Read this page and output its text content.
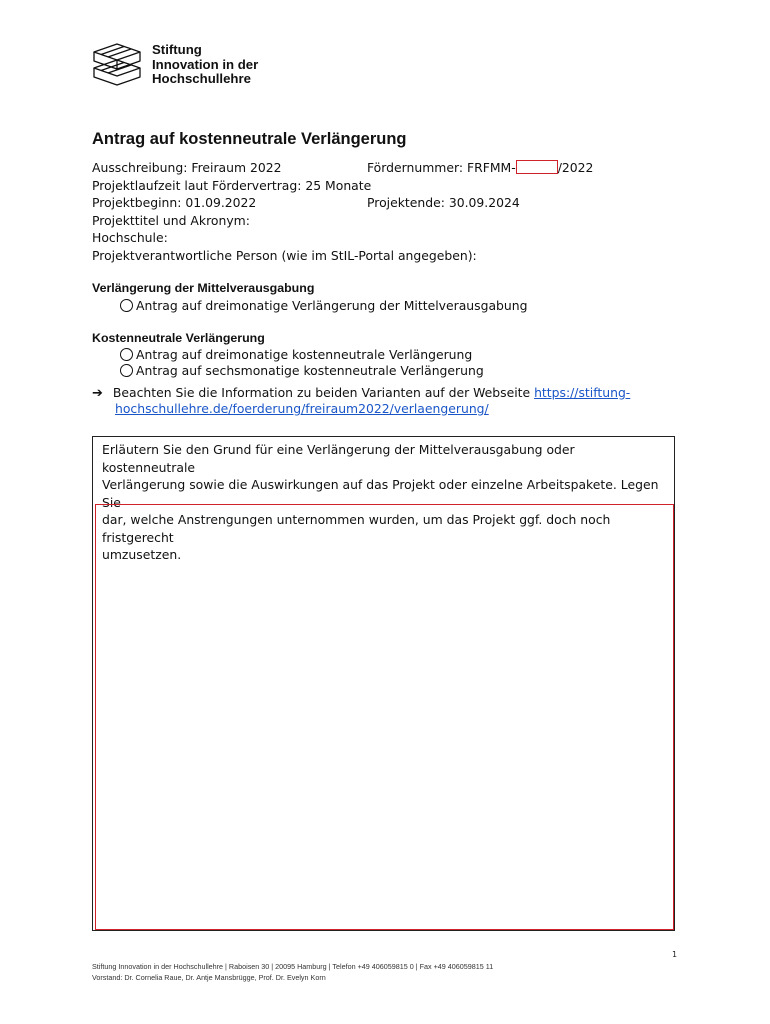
Stiftung
Innovation in der
Hochschullehre
Antrag auf kostenneutrale Verlängerung
Ausschreibung: Freiraum 2022	Fördernummer: FRFMM-	/2022
Projektlaufzeit laut Fördervertrag: 25 Monate
Projektbeginn: 01.09.2022	Projektende: 30.09.2024
Projekttitel und Akronym:
Hochschule:
Projektverantwortliche Person (wie im StIL-Portal angegeben):
Verlängerung der Mittelverausgabung
Antrag auf dreimonatige Verlängerung der Mittelverausgabung
Kostenneutrale Verlängerung
Antrag auf dreimonatige kostenneutrale Verlängerung
Antrag auf sechsmonatige kostenneutrale Verlängerung
➔ Beachten Sie die Information zu beiden Varianten auf der Webseite https://stiftung-
hochschullehre.de/foerderung/freiraum2022/verlaengerung/
Erläutern Sie den Grund für eine Verlängerung der Mittelverausgabung oder kostenneutrale
Verlängerung sowie die Auswirkungen auf das Projekt oder einzelne Arbeitspakete. Legen Sie
dar, welche Anstrengungen unternommen wurden, um das Projekt ggf. doch noch fristgerecht
umzusetzen.
1
Stiftung Innovation in der Hochschullehre | Raboisen 30 | 20095 Hamburg | Telefon +49 406059815 0 | Fax +49 406059815 11
Vorstand: Dr. Cornelia Raue, Dr. Antje Mansbrügge, Prof. Dr. Evelyn Korn
